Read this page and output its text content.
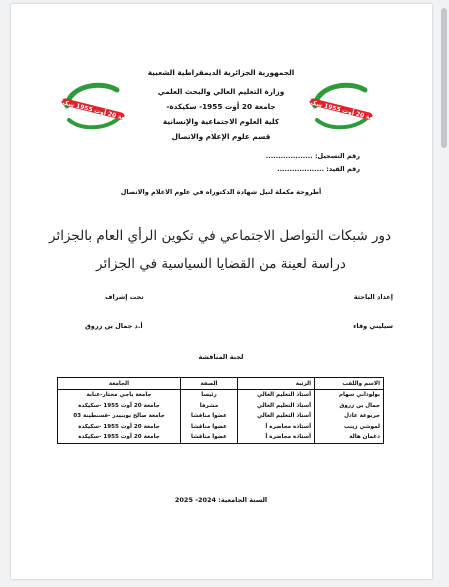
جامعة 20 أوت 1955 سكيكدة
جامعة 20 أوت 1955 سكيكدة
الجمهورية الجزائرية الديمقراطية الشعبية
وزارة التعليم العالي والبحث العلمي
جامعة 20 أوت 1955- سكيكدة-
كلية العلوم الاجتماعية والإنسانية
قسم علوم الإعلام والاتصال
رقم التسجيل: ...................
رقم القيد: ...................
أطروحة مكملة لنيل شهادة الدكتوراه في علوم الاعلام والاتصال
دور شبكات التواصل الاجتماعي في تكوين الرأي العام بالجزائر
دراسة لعينة من القضايا السياسية في الجزائر
إعداد الباحثة
تحت إشراف
سيليني وفاء
أ.د جمال بن زروق
لجنة المناقشة
الاسم واللقب	الرتبة	الصفة	الجامعة
بولوداني سهام	أستاذ التعليم العالي	رئيسا	جامعة باجي مختار-عنابة
جمال بن زروق	أستاذ التعليم العالي	مشرفا	جامعة 20 أوت 1955 -سكيكدة
جربوعة عادل	أستاذ التعليم العالي	عضوا مناقشا	جامعة صالح بوبنيدر -قسنطينة 03
لموشي زينب	أستاذة محاضرة أ	عضوا مناقشا	جامعة 20 أوت 1955 -سكيكدة
دغمان هالة	أستاذة محاضرة أ	عضوا مناقشا	جامعة 20 أوت 1955 -سكيكدة
السنة الجامعية: 2024- 2025
